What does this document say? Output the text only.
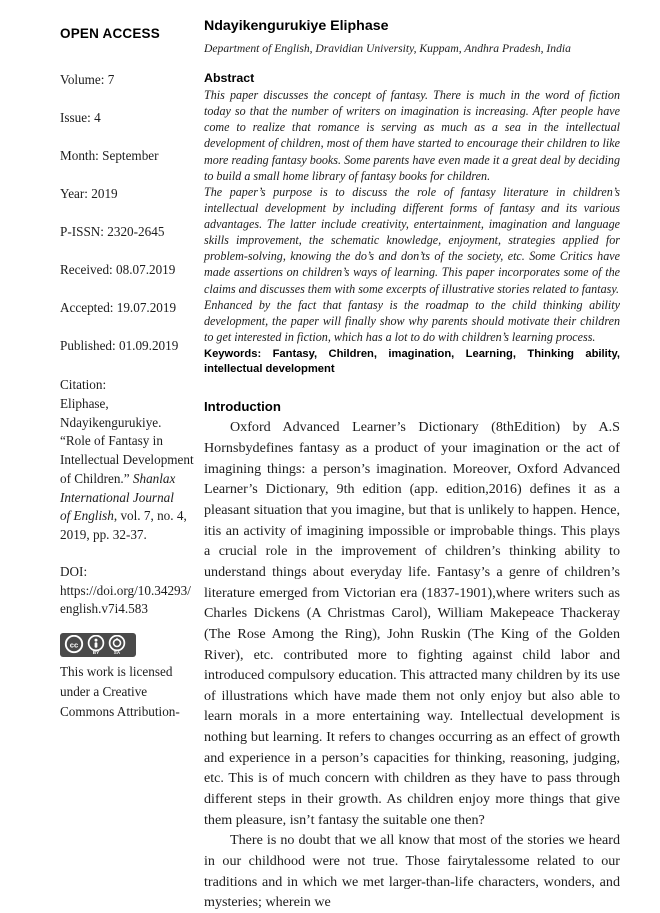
OPEN ACCESS
Volume: 7
Issue: 4
Month: September
Year: 2019
P-ISSN: 2320-2645
Received: 08.07.2019
Accepted: 19.07.2019
Published: 01.09.2019
Citation:
Eliphase,
Ndayikengurukiye.
“Role of Fantasy in
Intellectual Development
of Children.” Shanlax
International Journal
of English, vol. 7, no. 4,
2019, pp. 32-37.
DOI:
https://doi.org/10.34293/
english.v7i4.583
cc
BY	SA
This work is licensed
under a Creative
Commons Attribution-
Ndayikengurukiye Eliphase
Department of English, Dravidian University, Kuppam, Andhra Pradesh, India
Abstract

This paper discusses the concept of fantasy. There is much in the word of fiction today so that the number of writers on imagination is increasing. After people have come to realize that romance is serving as much as a sea in the intellectual development of children, most of them have started to encourage their children to like more reading fantasy books. Some parents have even made it a great deal by deciding to build a small home library of fantasy books for children.

The paper’s purpose is to discuss the role of fantasy literature in children’s intellectual development by including different forms of fantasy and its various advantages. The latter include creativity, entertainment, imagination and language skills improvement, the schematic knowledge, enjoyment, strategies applied for problem-solving, knowing the do’s and don’ts of the society, etc. Some Critics have made assertions on children’s ways of learning. This paper incorporates some of the claims and discusses them with some excerpts of illustrative stories related to fantasy.

Enhanced by the fact that fantasy is the roadmap to the child thinking ability development, the paper will finally show why parents should motivate their children to get interested in fiction, which has a lot to do with children’s learning process.

Keywords: Fantasy, Children, imagination, Learning, Thinking ability, intellectual development

Introduction

Oxford Advanced Learner’s Dictionary (8thEdition) by A.S Hornsbydefines fantasy as a product of your imagination or the act of imagining things: a person’s imagination. Moreover, Oxford Advanced Learner’s Dictionary, 9th edition (app. edition,2016) defines it as a pleasant situation that you imagine, but that is unlikely to happen. Hence, itis an activity of imagining impossible or improbable things. This plays a crucial role in the improvement of children’s thinking ability to understand things about everyday life. Fantasy’s a genre of children’s literature emerged from Victorian era (1837-1901),where writers such as Charles Dickens (A Christmas Carol), William Makepeace Thackeray (The Rose Among the Ring), John Ruskin (The King of the Golden River), etc. contributed more to fighting against child labor and introduced compulsory education. This attracted many children by its use of illustrations which have made them not only enjoy but also able to learn morals in a more entertaining way. Intellectual development is nothing but learning. It refers to changes occurring as an effect of growth and experience in a person’s capacities for thinking, reasoning, judging, etc. This is of much concern with children as they have to pass through different steps in their growth. As children enjoy more things that give them pleasure, isn’t fantasy the suitable one then?

There is no doubt that we all know that most of the stories we heard in our childhood were not true. Those fairytalessome related to our traditions and in which we met larger-than-life characters, wonders, and mysteries; wherein we
